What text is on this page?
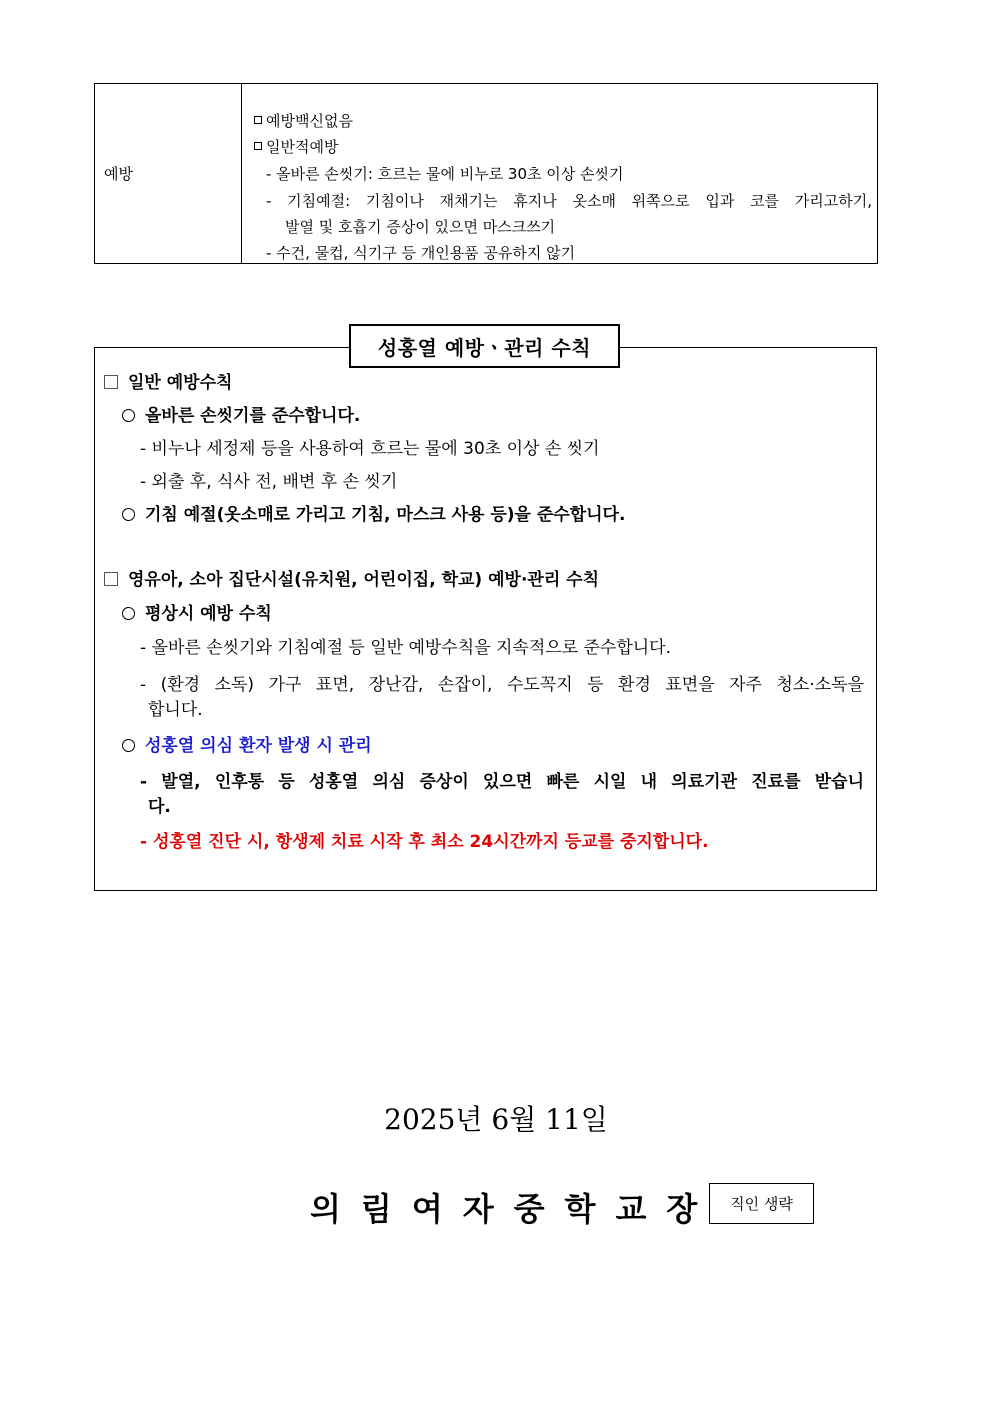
예방
예방백신없음
일반적예방
- 올바른 손씻기: 흐르는 물에 비누로 30초 이상 손씻기
- 기침예절: 기침이나 재채기는 휴지나 옷소매 위쪽으로 입과 코를 가리고하기,
발열 및 호흡기 증상이 있으면 마스크쓰기
- 수건, 물컵, 식기구 등 개인용품 공유하지 않기
성홍열 예방ㆍ관리 수칙
일반 예방수칙
올바른 손씻기를 준수합니다.
- 비누나 세정제 등을 사용하여 흐르는 물에 30초 이상 손 씻기
- 외출 후, 식사 전, 배변 후 손 씻기
기침 예절(옷소매로 가리고 기침, 마스크 사용 등)을 준수합니다.
영유아, 소아 집단시설(유치원, 어린이집, 학교) 예방·관리 수칙
평상시 예방 수칙
- 올바른 손씻기와 기침예절 등 일반 예방수칙을 지속적으로 준수합니다.
- (환경 소독) 가구 표면, 장난감, 손잡이, 수도꼭지 등 환경 표면을 자주 청소·소독을
합니다.
성홍열 의심 환자 발생 시 관리
- 발열, 인후통 등 성홍열 의심 증상이 있으면 빠른 시일 내 의료기관 진료를 받습니
다.
- 성홍열 진단 시, 항생제 치료 시작 후 최소 24시간까지 등교를 중지합니다.
2025년 6월 11일
의림여자중학교장 직인 생략
